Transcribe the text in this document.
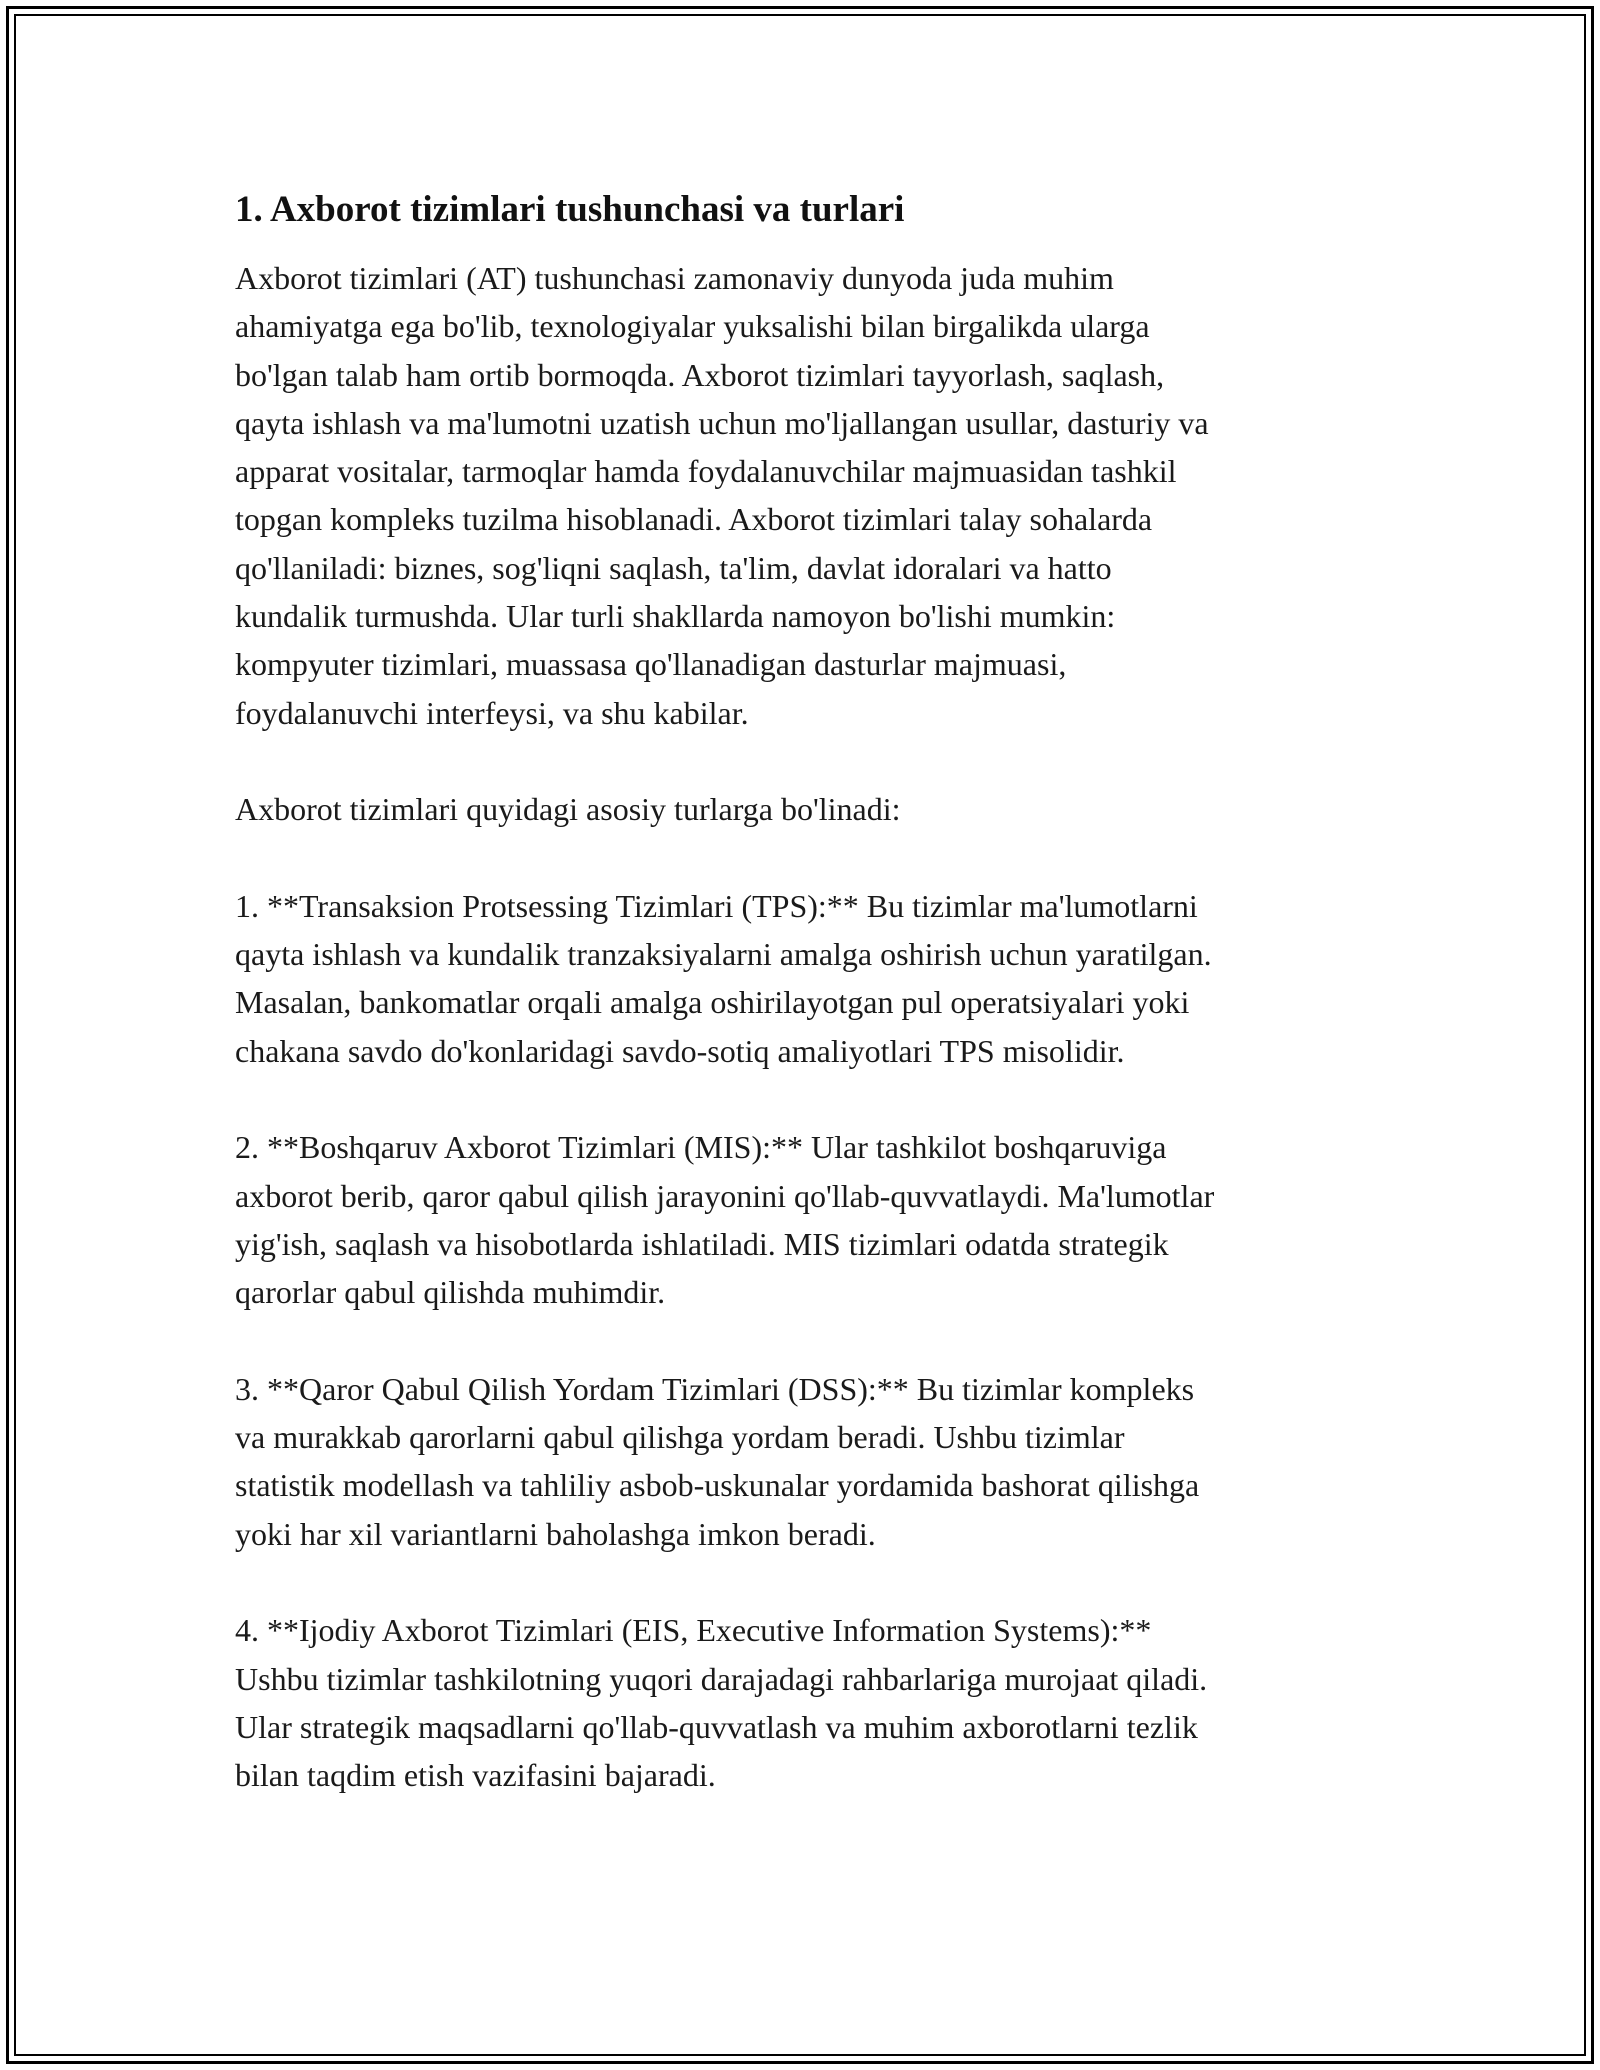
1. Axborot tizimlari tushunchasi va turlari

Axborot tizimlari (AT) tushunchasi zamonaviy dunyoda juda muhim
ahamiyatga ega bo'lib, texnologiyalar yuksalishi bilan birgalikda ularga
bo'lgan talab ham ortib bormoqda. Axborot tizimlari tayyorlash, saqlash,
qayta ishlash va ma'lumotni uzatish uchun mo'ljallangan usullar, dasturiy va
apparat vositalar, tarmoqlar hamda foydalanuvchilar majmuasidan tashkil
topgan kompleks tuzilma hisoblanadi. Axborot tizimlari talay sohalarda
qo'llaniladi: biznes, sog'liqni saqlash, ta'lim, davlat idoralari va hatto
kundalik turmushda. Ular turli shakllarda namoyon bo'lishi mumkin:
kompyuter tizimlari, muassasa qo'llanadigan dasturlar majmuasi,
foydalanuvchi interfeysi, va shu kabilar.

Axborot tizimlari quyidagi asosiy turlarga bo'linadi:

1. **Transaksion Protsessing Tizimlari (TPS):** Bu tizimlar ma'lumotlarni
qayta ishlash va kundalik tranzaksiyalarni amalga oshirish uchun yaratilgan.
Masalan, bankomatlar orqali amalga oshirilayotgan pul operatsiyalari yoki
chakana savdo do'konlaridagi savdo-sotiq amaliyotlari TPS misolidir.

2. **Boshqaruv Axborot Tizimlari (MIS):** Ular tashkilot boshqaruviga
axborot berib, qaror qabul qilish jarayonini qo'llab-quvvatlaydi. Ma'lumotlar
yig'ish, saqlash va hisobotlarda ishlatiladi. MIS tizimlari odatda strategik
qarorlar qabul qilishda muhimdir.

3. **Qaror Qabul Qilish Yordam Tizimlari (DSS):** Bu tizimlar kompleks
va murakkab qarorlarni qabul qilishga yordam beradi. Ushbu tizimlar
statistik modellash va tahliliy asbob-uskunalar yordamida bashorat qilishga
yoki har xil variantlarni baholashga imkon beradi.

4. **Ijodiy Axborot Tizimlari (EIS, Executive Information Systems):**
Ushbu tizimlar tashkilotning yuqori darajadagi rahbarlariga murojaat qiladi.
Ular strategik maqsadlarni qo'llab-quvvatlash va muhim axborotlarni tezlik
bilan taqdim etish vazifasini bajaradi.
